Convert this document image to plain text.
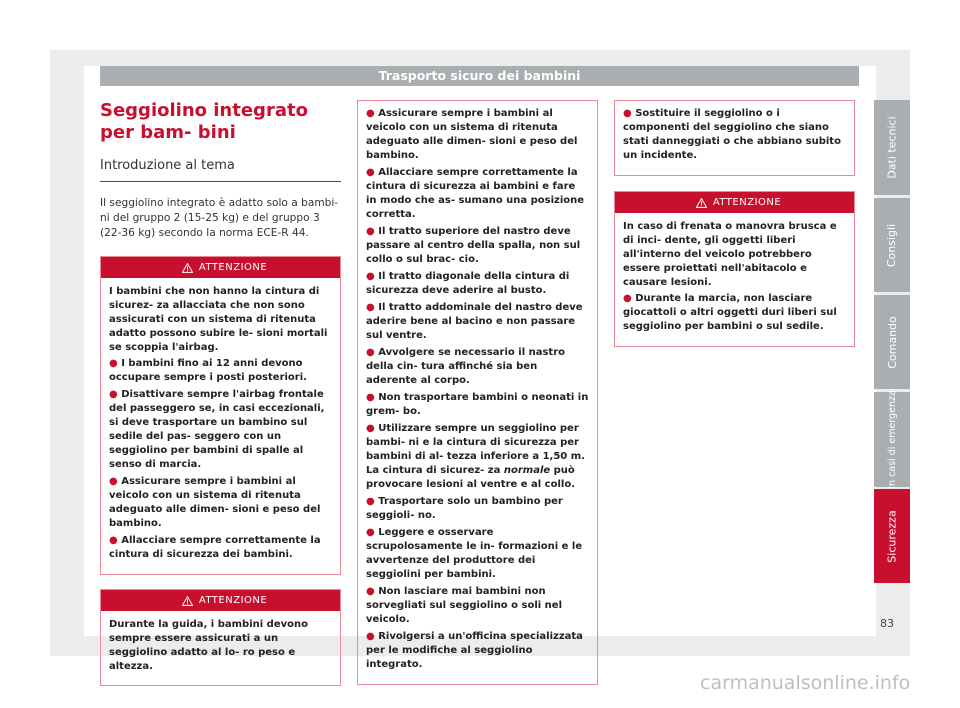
Trasporto sicuro dei bambini
Seggiolino integrato per bam- bini
Introduzione al tema
Il seggiolino integrato è adatto solo a bambi- ni del gruppo 2 (15-25 kg) e del gruppo 3 (22-36 kg) secondo la norma ECE-R 44.
ATTENZIONE

I bambini che non hanno la cintura di sicurez- za allacciata che non sono assicurati con un sistema di ritenuta adatto possono subire le- sioni mortali se scoppia l'airbag.

● I bambini fino ai 12 anni devono occupare sempre i posti posteriori.
● Disattivare sempre l'airbag frontale del passeggero se, in casi eccezionali, si deve trasportare un bambino sul sedile del pas- seggero con un seggiolino per bambini di spalle al senso di marcia.
● Assicurare sempre i bambini al veicolo con un sistema di ritenuta adeguato alle dimen- sioni e peso del bambino.
● Allacciare sempre correttamente la cintura di sicurezza dei bambini.
ATTENZIONE

Durante la guida, i bambini devono sempre essere assicurati a un seggiolino adatto al lo- ro peso e altezza.

● Assicurare sempre i bambini al veicolo con un sistema di ritenuta adeguato alle dimen- sioni e peso del bambino.
● Allacciare sempre correttamente la cintura di sicurezza ai bambini e fare in modo che as- sumano una posizione corretta.
● Il tratto superiore del nastro deve passare al centro della spalla, non sul collo o sul brac- cio.
● Il tratto diagonale della cintura di sicurezza deve aderire al busto.
● Il tratto addominale del nastro deve aderire bene al bacino e non passare sul ventre.
● Avvolgere se necessario il nastro della cin- tura affinché sia ben aderente al corpo.
● Non trasportare bambini o neonati in grem- bo.
● Utilizzare sempre un seggiolino per bambi- ni e la cintura di sicurezza per bambini di al- tezza inferiore a 1,50 m. La cintura di sicurez- za normale può provocare lesioni al ventre e al collo.
● Trasportare solo un bambino per seggioli- no.
● Leggere e osservare scrupolosamente le in- formazioni e le avvertenze del produttore dei seggiolini per bambini.
● Non lasciare mai bambini non sorvegliati sul seggiolino o soli nel veicolo.
● Rivolgersi a un'officina specializzata per le modifiche al seggiolino integrato.
● Sostituire il seggiolino o i componenti del seggiolino che siano stati danneggiati o che abbiano subito un incidente.
ATTENZIONE

In caso di frenata o manovra brusca e di inci- dente, gli oggetti liberi all'interno del veicolo potrebbero essere proiettati nell'abitacolo e causare lesioni.

● Durante la marcia, non lasciare giocattoli o altri oggetti duri liberi sul seggiolino per bambini o sul sedile.
Dati tecnici
Consigli
Comando
In casi di emergenza
Sicurezza
83
carmanualsonline.info
